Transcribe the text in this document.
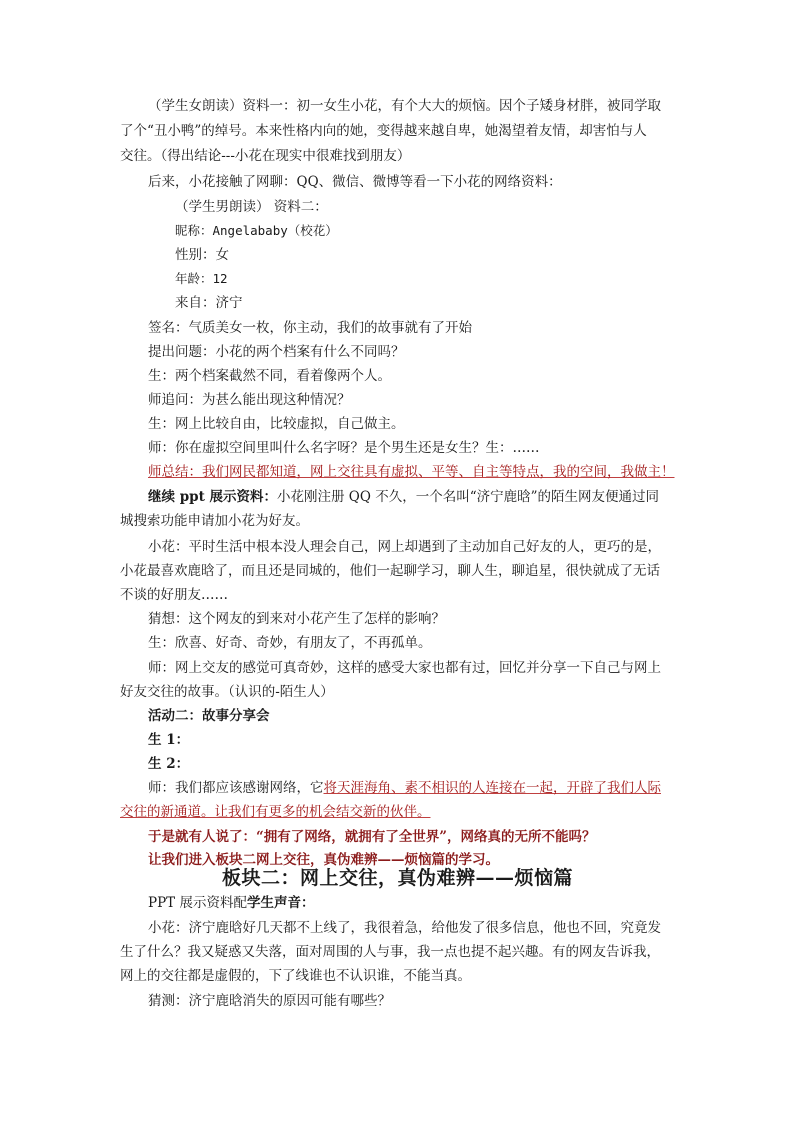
（学生女朗读）资料一：初一女生小花，有个大大的烦恼。因个子矮身材胖，被同学取
了个“丑小鸭”的绰号。本来性格内向的她，变得越来越自卑，她渴望着友情，却害怕与人
交往。（得出结论---小花在现实中很难找到朋友）
后来，小花接触了网聊：QQ、微信、微博等看一下小花的网络资料：
（学生男朗读） 资料二：
昵称：Angelababy（校花）
性别：女
年龄：12
来自：济宁
签名：气质美女一枚，你主动，我们的故事就有了开始
提出问题：小花的两个档案有什么不同吗？
生：两个档案截然不同，看着像两个人。
师追问：为甚么能出现这种情况？
生：网上比较自由，比较虚拟，自己做主。
师：你在虚拟空间里叫什么名字呀？是个男生还是女生？生：……
师总结：我们网民都知道，网上交往具有虚拟、平等、自主等特点，我的空间，我做主！
继续 ppt 展示资料：小花刚注册 QQ 不久，一个名叫“济宁鹿晗”的陌生网友便通过同
城搜索功能申请加小花为好友。
小花：平时生活中根本没人理会自己，网上却遇到了主动加自己好友的人，更巧的是，
小花最喜欢鹿晗了，而且还是同城的，他们一起聊学习，聊人生，聊追星，很快就成了无话
不谈的好朋友……
猜想：这个网友的到来对小花产生了怎样的影响？
生：欣喜、好奇、奇妙，有朋友了，不再孤单。
师：网上交友的感觉可真奇妙，这样的感受大家也都有过，回忆并分享一下自己与网上
好友交往的故事。（认识的-陌生人）
活动二：故事分享会
生 1：
生 2：
师：我们都应该感谢网络，它将天涯海角、素不相识的人连接在一起，开辟了我们人际
交往的新通道。让我们有更多的机会结交新的伙伴。
于是就有人说了：“拥有了网络，就拥有了全世界”，网络真的无所不能吗？
让我们进入板块二网上交往，真伪难辨——烦恼篇的学习。
板块二：网上交往，真伪难辨——烦恼篇
PPT 展示资料配学生声音：
小花：济宁鹿晗好几天都不上线了，我很着急，给他发了很多信息，他也不回，究竟发
生了什么？我又疑惑又失落，面对周围的人与事，我一点也提不起兴趣。有的网友告诉我，
网上的交往都是虚假的，下了线谁也不认识谁，不能当真。
猜测：济宁鹿晗消失的原因可能有哪些？
